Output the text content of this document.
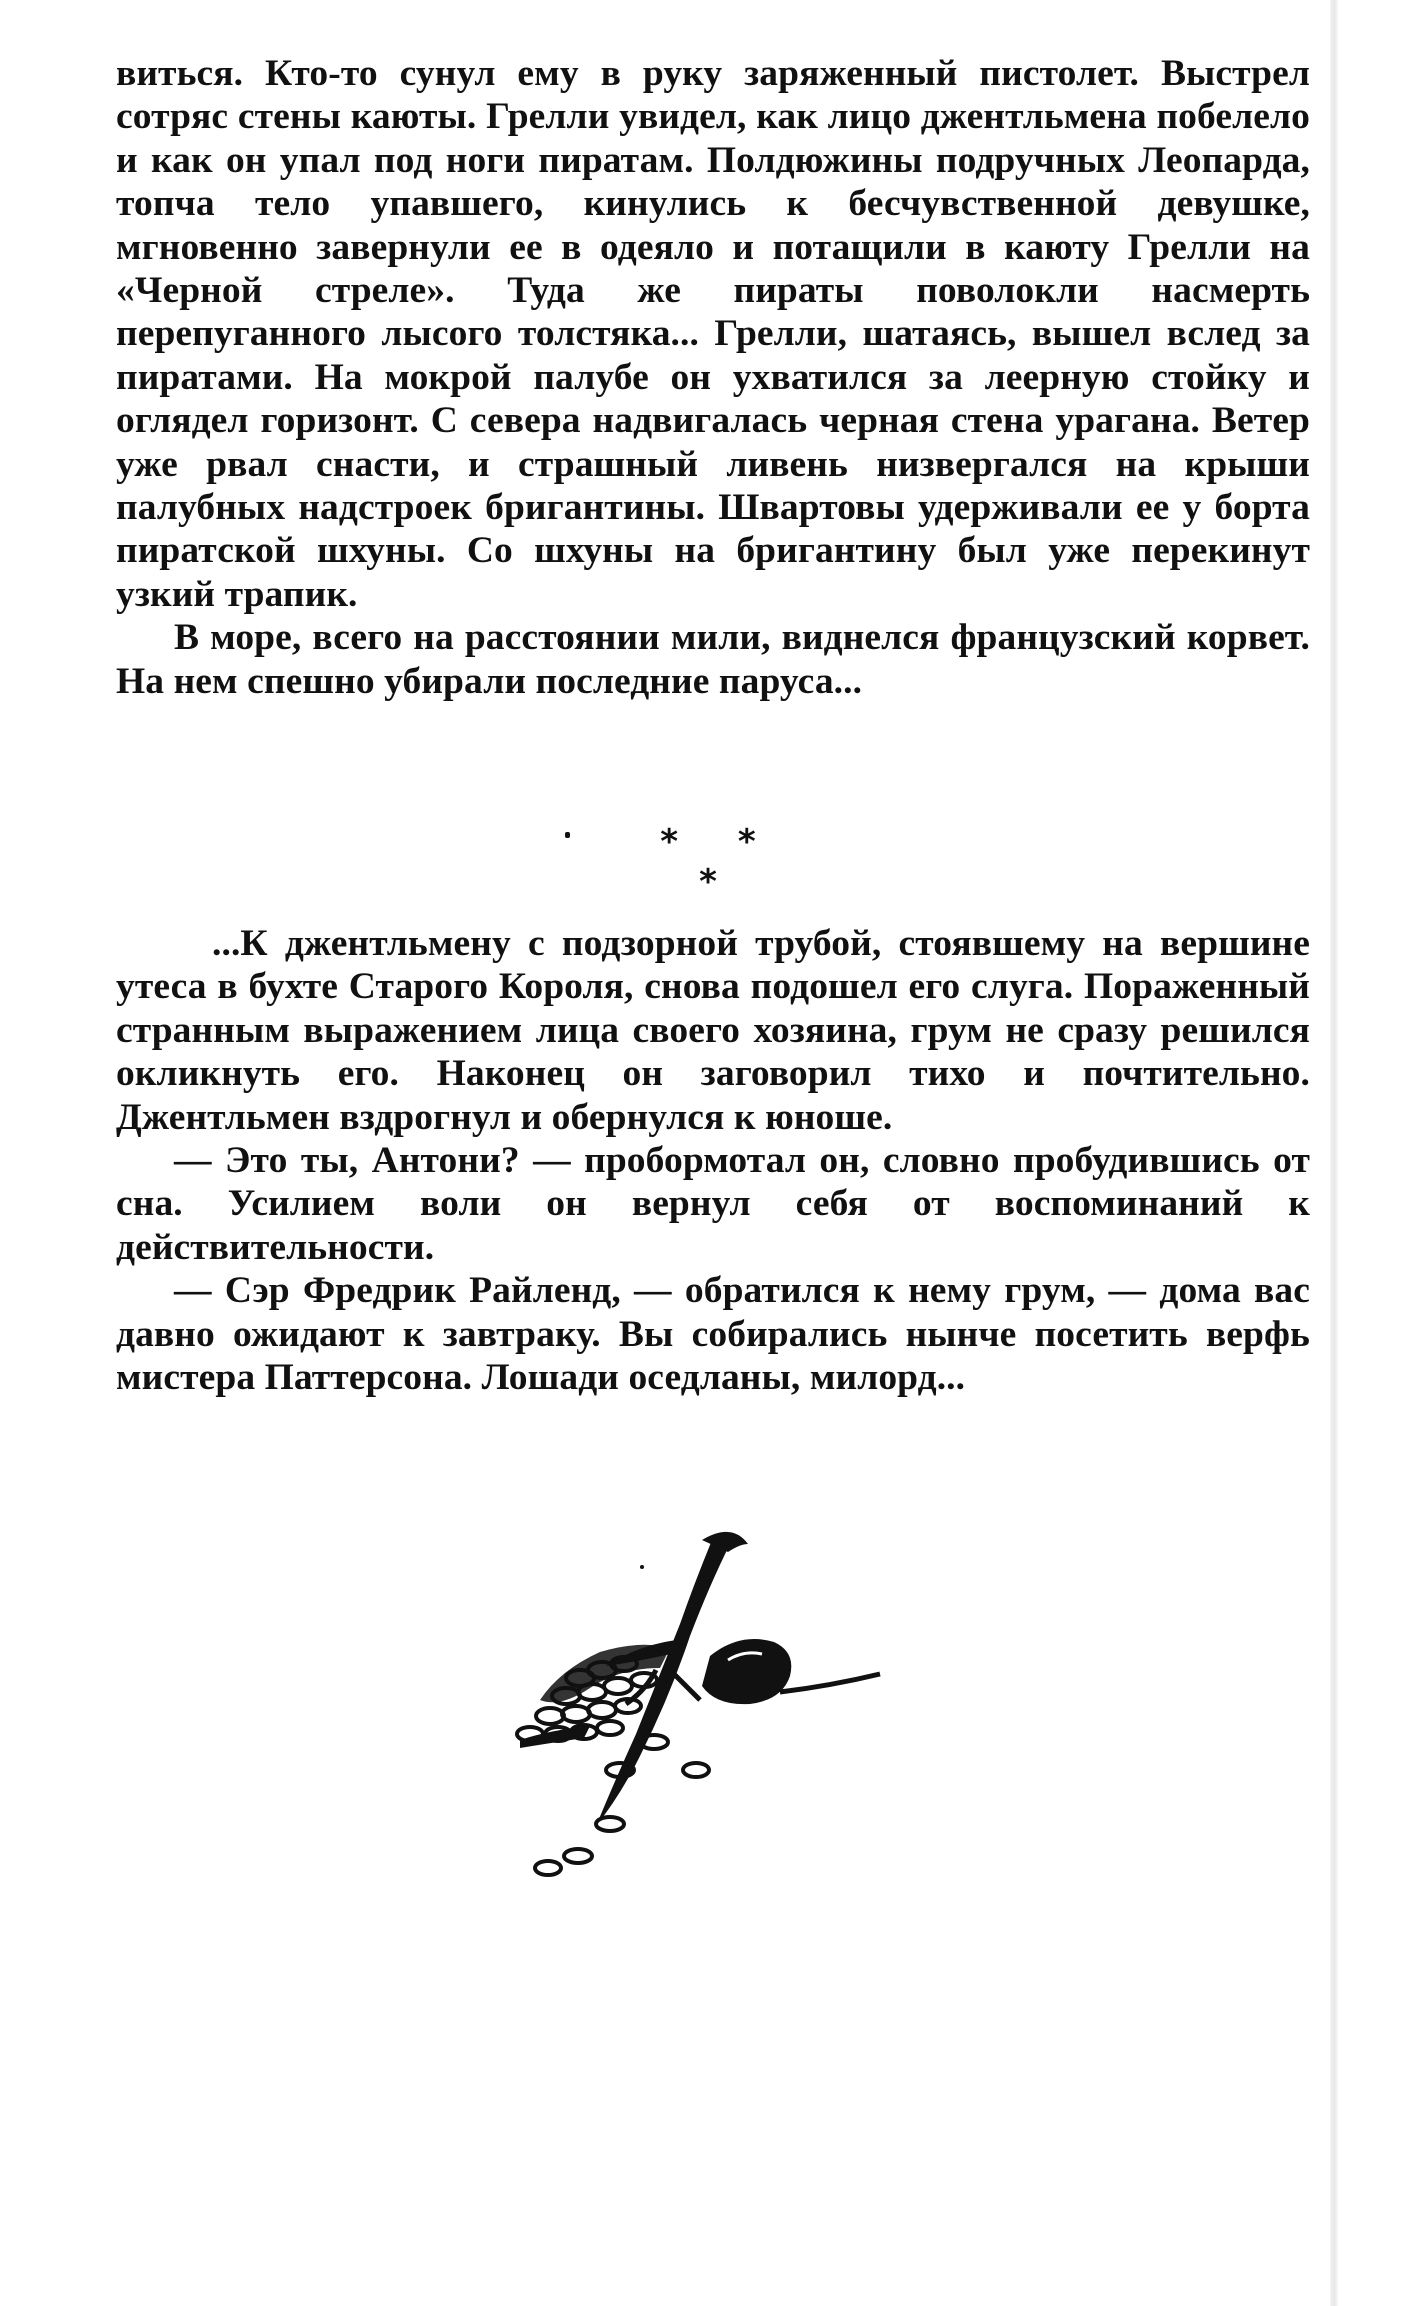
виться. Кто-то сунул ему в руку заряженный пистолет. Выстрел сотряс стены каюты. Грелли увидел, как лицо джентльмена побелело и как он упал под ноги пиратам. Полдюжины подручных Леопарда, топча тело упавшего, кинулись к бесчувственной девушке, мгновенно завернули ее в одеяло и потащили в каюту Грелли на «Черной стреле». Туда же пираты поволокли насмерть перепуганного лысого толстяка... Грелли, шатаясь, вышел вслед за пиратами. На мокрой палубе он ухватился за леерную стойку и оглядел горизонт. С севера надвигалась черная стена урагана. Ветер уже рвал снасти, и страшный ливень низвергался на крыши палубных надстроек бригантины. Швартовы удерживали ее у борта пиратской шхуны. Со шхуны на бригантину был уже перекинут узкий трапик.

В море, всего на расстоянии мили, виднелся французский корвет. На нем спешно убирали последние паруса...

* * *

...К джентльмену с подзорной трубой, стоявшему на вершине утеса в бухте Старого Короля, снова подошел его слуга. Пораженный странным выражением лица своего хозяина, грум не сразу решился окликнуть его. Наконец он заговорил тихо и почтительно. Джентльмен вздрогнул и обернулся к юноше.

— Это ты, Антони? — пробормотал он, словно пробудившись от сна. Усилием воли он вернул себя от воспоминаний к действительности.

— Сэр Фредрик Райленд, — обратился к нему грум, — дома вас давно ожидают к завтраку. Вы собирались нынче посетить верфь мистера Паттерсона. Лошади оседланы, милорд...
